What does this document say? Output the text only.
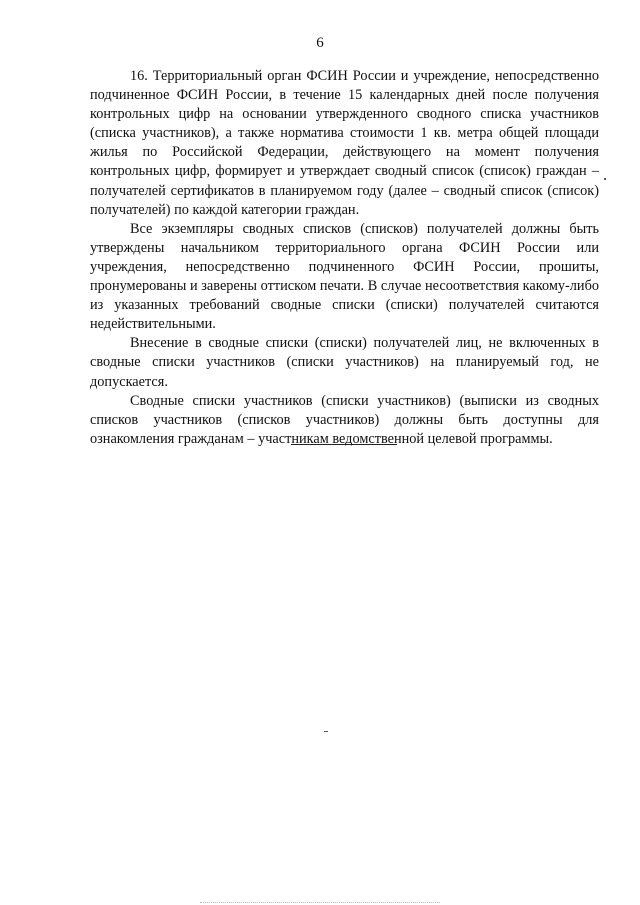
6

16. Территориальный орган ФСИН России и учреждение, непосредственно подчиненное ФСИН России, в течение 15 календарных дней после получения контрольных цифр на основании утвержденного сводного списка участников (списка участников), а также норматива стоимости 1 кв. метра общей площади жилья по Российской Федерации, действующего на момент получения контрольных цифр, формирует и утверждает сводный список (список) граждан – получателей сертификатов в планируемом году (далее – сводный список (список) получателей) по каждой категории граждан.

Все экземпляры сводных списков (списков) получателей должны быть утверждены начальником территориального органа ФСИН России или учреждения, непосредственно подчиненного ФСИН России, прошиты, пронумерованы и заверены оттиском печати. В случае несоответствия какому-либо из указанных требований сводные списки (списки) получателей считаются недействительными.

Внесение в сводные списки (списки) получателей лиц, не включенных в сводные списки участников (списки участников) на планируемый год, не допускается.

Сводные списки участников (списки участников) (выписки из сводных списков участников (списков участников) должны быть доступны для ознакомления гражданам – участникам ведомственной целевой программы.
